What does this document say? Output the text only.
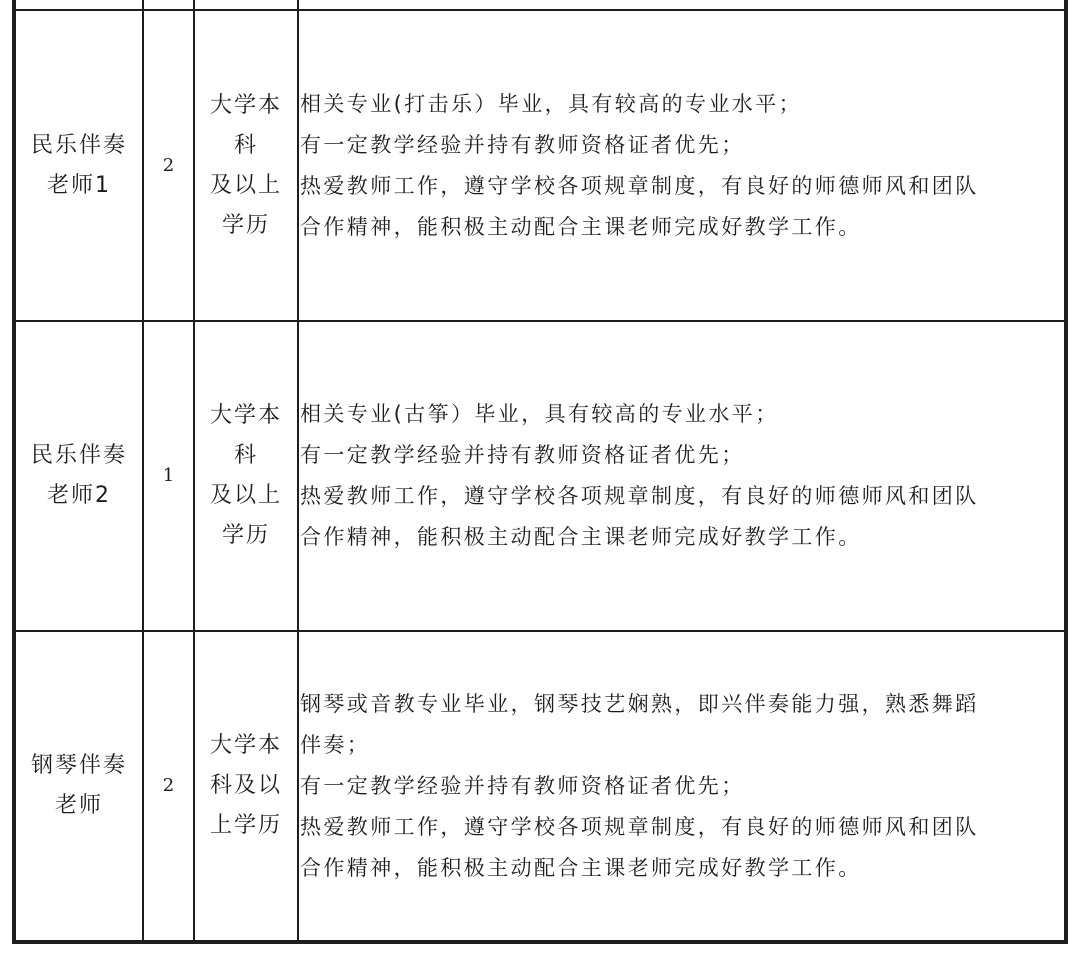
民乐伴奏
老师1
2
大学本
科
及以上
学历
相关专业(打击乐）毕业，具有较高的专业水平；
有一定教学经验并持有教师资格证者优先；
热爱教师工作，遵守学校各项规章制度，有良好的师德师风和团队
合作精神，能积极主动配合主课老师完成好教学工作。
民乐伴奏
老师2
1
大学本
科
及以上
学历
相关专业(古筝）毕业，具有较高的专业水平；
有一定教学经验并持有教师资格证者优先；
热爱教师工作，遵守学校各项规章制度，有良好的师德师风和团队
合作精神，能积极主动配合主课老师完成好教学工作。
钢琴伴奏
老师
2
大学本
科及以
上学历
钢琴或音教专业毕业，钢琴技艺娴熟，即兴伴奏能力强，熟悉舞蹈
伴奏；
有一定教学经验并持有教师资格证者优先；
热爱教师工作，遵守学校各项规章制度，有良好的师德师风和团队
合作精神，能积极主动配合主课老师完成好教学工作。
